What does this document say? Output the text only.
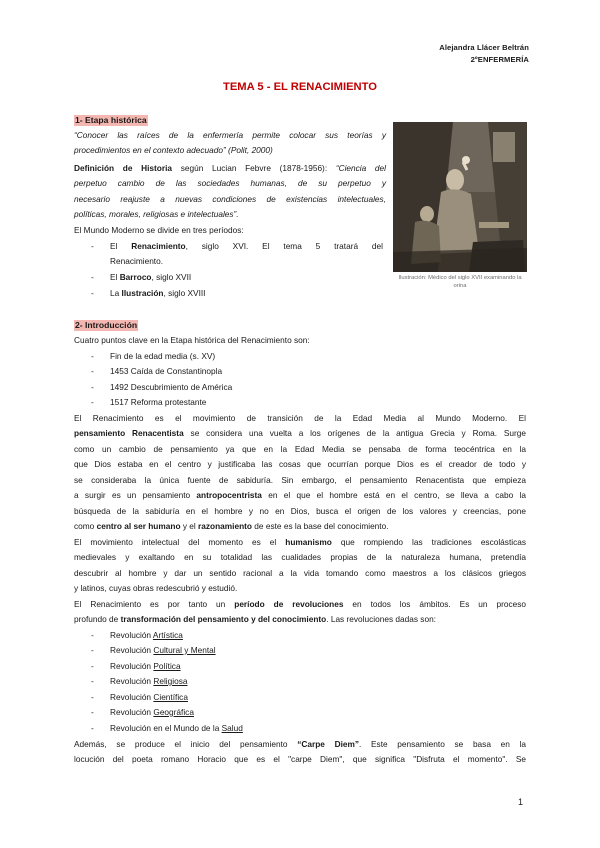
Alejandra Llácer Beltrán
2ºENFERMERÍA
TEMA 5 - EL RENACIMIENTO
1- Etapa histórica
“Conocer las raíces de la enfermería permite colocar sus teorías y
procedimientos en el contexto adecuado” (Polit, 2000)
Definición de Historia según Lucian Febvre (1878-1956): “Ciencia del
perpetuo cambio de las sociedades humanas, de su perpetuo y
necesario reajuste a nuevas condiciones de existencias intelectuales,
políticas, morales, religiosas e intelectuales”.
El Mundo Moderno se divide en tres períodos:
- El Renacimiento, siglo XVI. El tema 5 tratará del
Renacimiento.
- El Barroco, siglo XVII
- La Ilustración, siglo XVIII
Ilustración: Médico del siglo XVII examinando la orina
2- Introducción
Cuatro puntos clave en la Etapa histórica del Renacimiento son:
- Fin de la edad media (s. XV)
- 1453 Caída de Constantinopla
- 1492 Descubrimiento de América
- 1517 Reforma protestante
El Renacimiento es el movimiento de transición de la Edad Media al Mundo Moderno. El
pensamiento Renacentista se considera una vuelta a los orígenes de la antigua Grecia y Roma. Surge
como un cambio de pensamiento ya que en la Edad Media se pensaba de forma teocéntrica en la
que Dios estaba en el centro y justificaba las cosas que ocurrían porque Dios es el creador de todo y
se consideraba la única fuente de sabiduría. Sin embargo, el pensamiento Renacentista que empieza
a surgir es un pensamiento antropocentrista en el que el hombre está en el centro, se lleva a cabo la
búsqueda de la sabiduría en el hombre y no en Dios, busca el origen de los valores y creencias, pone
como centro al ser humano y el razonamiento de este es la base del conocimiento.
El movimiento intelectual del momento es el humanismo que rompiendo las tradiciones escolásticas
medievales y exaltando en su totalidad las cualidades propias de la naturaleza humana, pretendía
descubrir al hombre y dar un sentido racional a la vida tomando como maestros a los clásicos griegos
y latinos, cuyas obras redescubrió y estudió.
El Renacimiento es por tanto un período de revoluciones en todos los ámbitos. Es un proceso
profundo de transformación del pensamiento y del conocimiento. Las revoluciones dadas son:
- Revolución Artística
- Revolución Cultural y Mental
- Revolución Política
- Revolución Religiosa
- Revolución Científica
- Revolución Geográfica
- Revolución en el Mundo de la Salud
Además, se produce el inicio del pensamiento “Carpe Diem”. Este pensamiento se basa en la
locución del poeta romano Horacio que es el "carpe Diem", que significa "Disfruta el momento". Se
1
